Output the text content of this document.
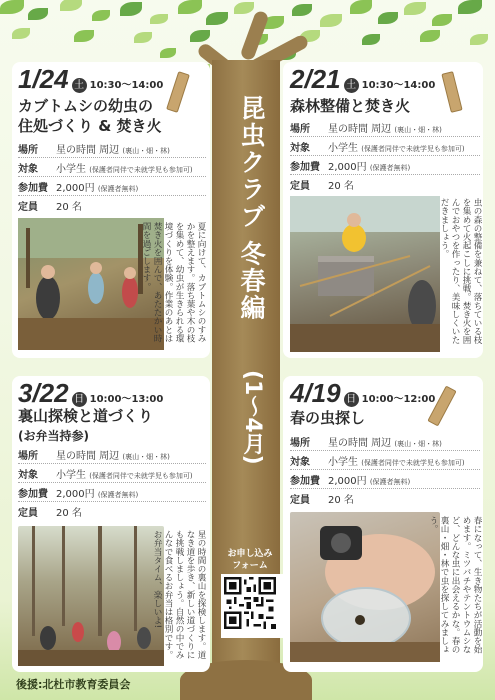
昆虫クラブ 冬春編
(1〜4月)
1/24 土 10:30〜14:00
カブトムシの幼虫の
住処づくり & 焚き火
場所	星の時間 周辺 (裏山・畑・林)
対象	小学生 (保護者同伴で未就学児も参加可)
参加費 2,000円 (保護者無料)
定員	20 名
夏に向けて、カブトムシのすみかを整えます。落ち葉や木の枝を集めて、幼虫が生きられる環境づくりを体験。作業のあとは焚き火を囲んで、あたたかい時間を過ごします。
2/21 土 10:30〜14:00
森林整備と焚き火
場所	星の時間 周辺 (裏山・畑・林)
対象	小学生 (保護者同伴で未就学児も参加可)
参加費 2,000円 (保護者無料)
定員	20 名
虫の森の整備を兼ねて、落ちている枝を集めて火起こしに挑戦。焚き火を囲んでおやつを作ったり、美味しくいただきましょう。
3/22 日 10:00〜13:00
裏山探検と道づくり
(お弁当持参)
場所	星の時間 周辺 (裏山・畑・林)
対象	小学生 (保護者同伴で未就学児も参加可)
参加費 2,000円 (保護者無料)
定員	20 名
星の時間の裏山を探検します。道なき道を歩き、新しい道づくりにも挑戦しましょう。自然の中でみんなで食べるお弁当は格別です。お弁当タイム、楽しいよ!
4/19 日 10:00〜12:00
春の虫探し
場所	星の時間 周辺 (裏山・畑・林)
対象	小学生 (保護者同伴で未就学児も参加可)
参加費 2,000円 (保護者無料)
定員	20 名
春になって、生き物たちが活動を始めます。ミツバチやテントウムシなど、どんな虫に出会えるかな。春の裏山・畑・林で虫を探してみましょう。
お申し込みフォーム
後援:北杜市教育委員会
